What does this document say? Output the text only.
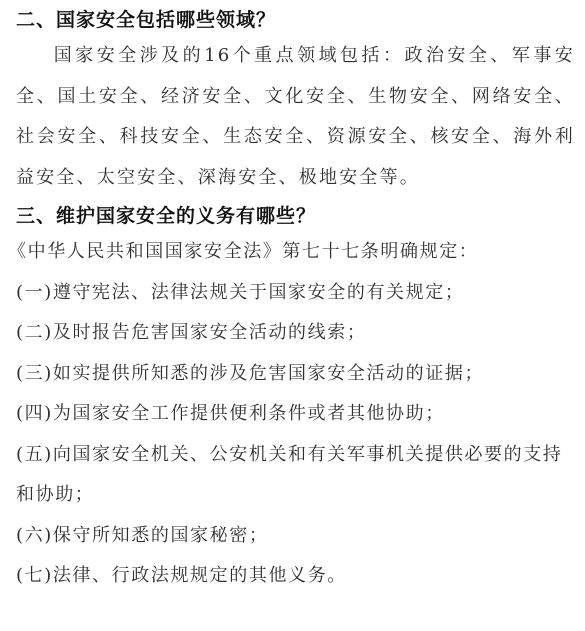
二、国家安全包括哪些领域？

国家安全涉及的16个重点领域包括：政治安全、军事安全、国土安全、经济安全、文化安全、生物安全、网络安全、社会安全、科技安全、生态安全、资源安全、核安全、海外利益安全、太空安全、深海安全、极地安全等。

三、维护国家安全的义务有哪些？

《中华人民共和国国家安全法》第七十七条明确规定：

(一)遵守宪法、法律法规关于国家安全的有关规定；

(二)及时报告危害国家安全活动的线索；

(三)如实提供所知悉的涉及危害国家安全活动的证据；

(四)为国家安全工作提供便利条件或者其他协助；

(五)向国家安全机关、公安机关和有关军事机关提供必要的支持和协助；

(六)保守所知悉的国家秘密；

(七)法律、行政法规规定的其他义务。
